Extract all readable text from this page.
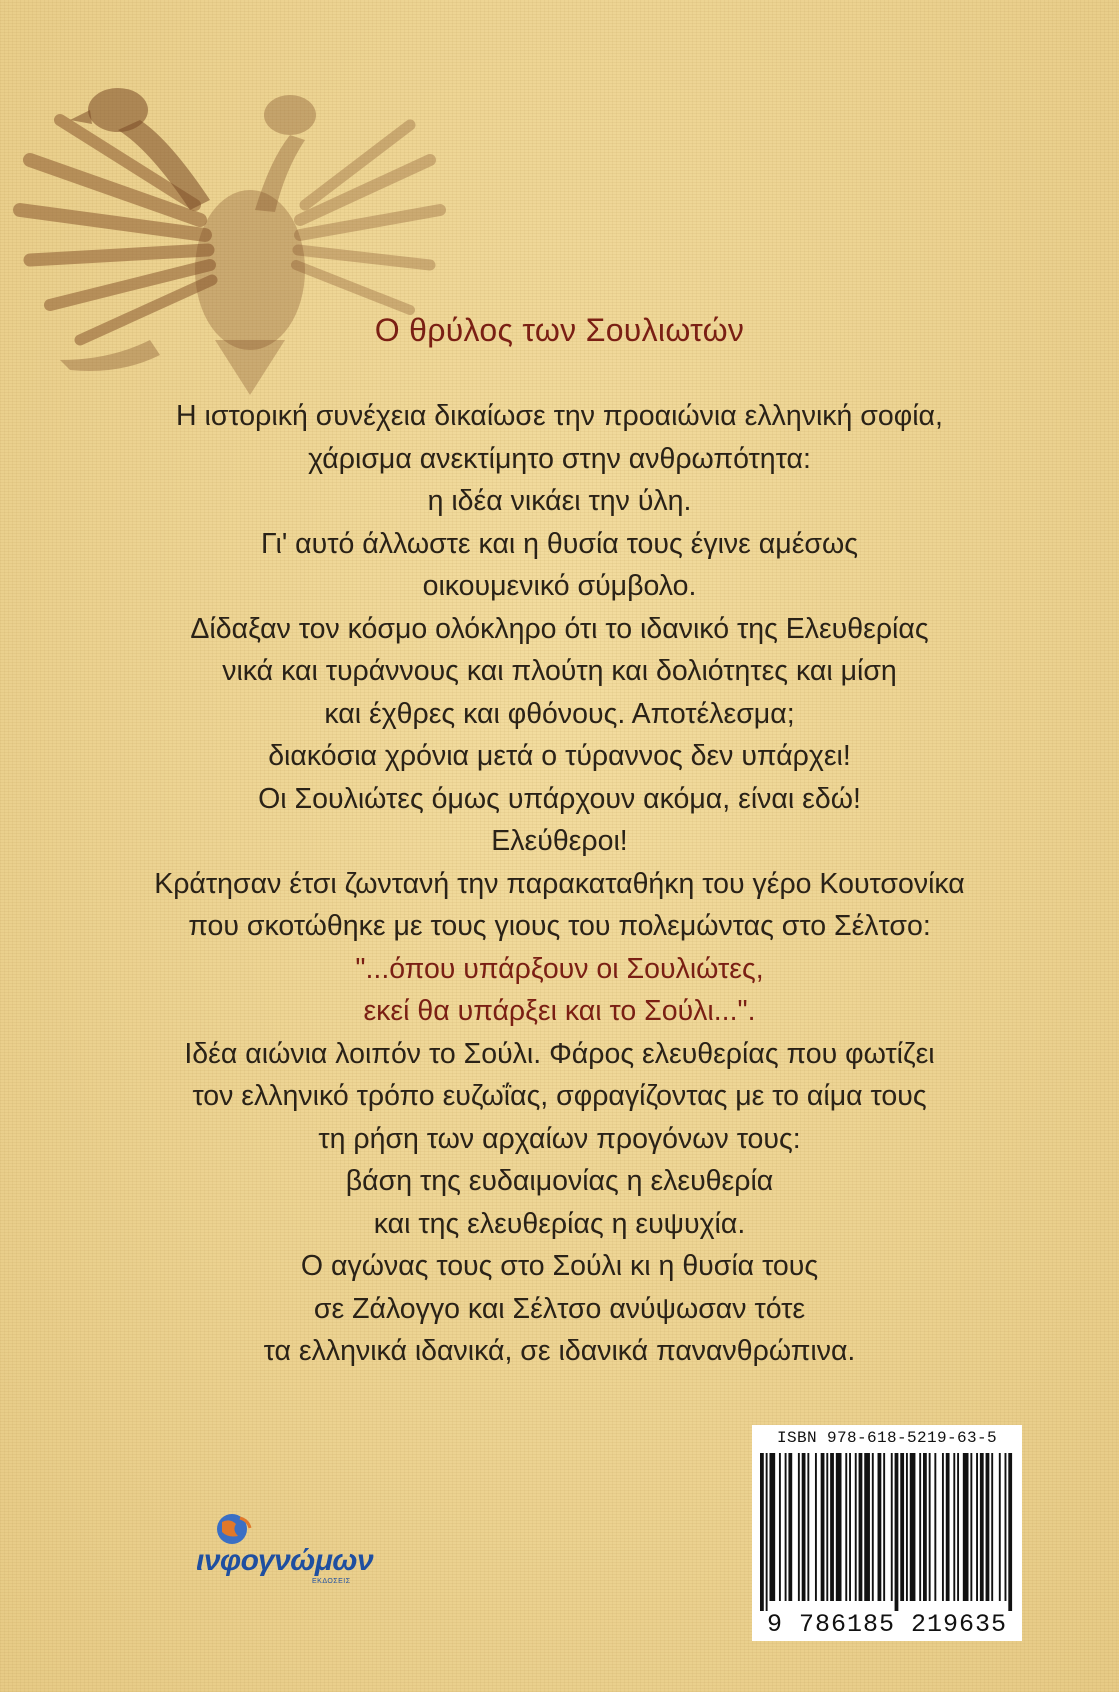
Ο θρύλος των Σουλιωτών
Η ιστορική συνέχεια δικαίωσε την προαιώνια ελληνική σοφία,
χάρισμα ανεκτίμητο στην ανθρωπότητα:
η ιδέα νικάει την ύλη.
Γι' αυτό άλλωστε και η θυσία τους έγινε αμέσως
οικουμενικό σύμβολο.
Δίδαξαν τον κόσμο ολόκληρο ότι το ιδανικό της Ελευθερίας
νικά και τυράννους και πλούτη και δολιότητες και μίση
και έχθρες και φθόνους. Αποτέλεσμα;
διακόσια χρόνια μετά ο τύραννος δεν υπάρχει!
Οι Σουλιώτες όμως υπάρχουν ακόμα, είναι εδώ!
Ελεύθεροι!
Κράτησαν έτσι ζωντανή την παρακαταθήκη του γέρο Κουτσονίκα
που σκοτώθηκε με τους γιους του πολεμώντας στο Σέλτσο:
"...όπου υπάρξουν οι Σουλιώτες,
εκεί θα υπάρξει και το Σούλι...".
Ιδέα αιώνια λοιπόν το Σούλι. Φάρος ελευθερίας που φωτίζει
τον ελληνικό τρόπο ευζωΐας, σφραγίζοντας με το αίμα τους
τη ρήση των αρχαίων προγόνων τους:
βάση της ευδαιμονίας η ελευθερία
και της ελευθερίας η ευψυχία.
Ο αγώνας τους στο Σούλι κι η θυσία τους
σε Ζάλογγο και Σέλτσο ανύψωσαν τότε
τα ελληνικά ιδανικά, σε ιδανικά πανανθρώπινα.
ινφογνώμων
ΕΚΔΟΣΕΙΣ
ISBN 978-618-5219-63-5
9 786185 219635
